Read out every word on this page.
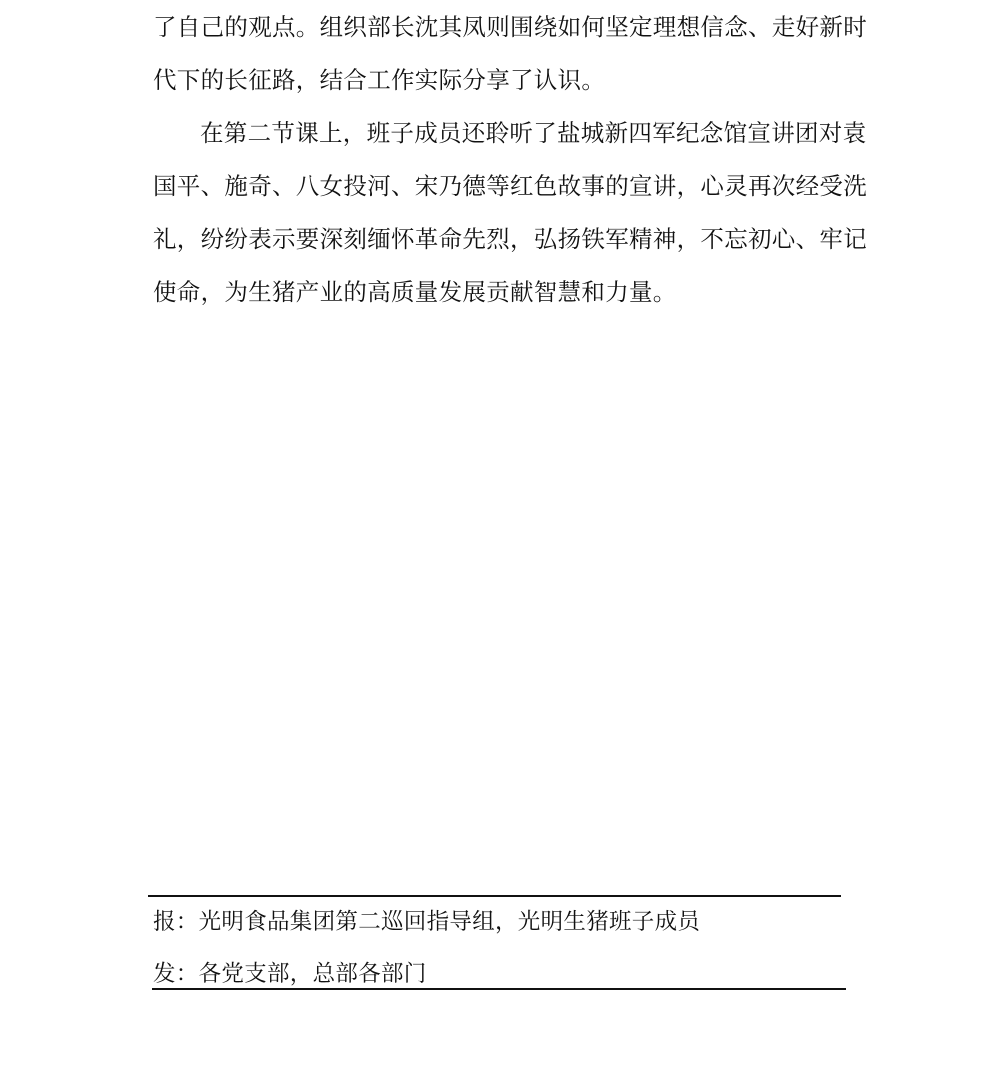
了自己的观点。组织部长沈其凤则围绕如何坚定理想信念、走好新时
代下的长征路，结合工作实际分享了认识。
在第二节课上，班子成员还聆听了盐城新四军纪念馆宣讲团对袁
国平、施奇、八女投河、宋乃德等红色故事的宣讲，心灵再次经受洗
礼，纷纷表示要深刻缅怀革命先烈，弘扬铁军精神，不忘初心、牢记
使命，为生猪产业的高质量发展贡献智慧和力量。
报：光明食品集团第二巡回指导组，光明生猪班子成员
发：各党支部，总部各部门
